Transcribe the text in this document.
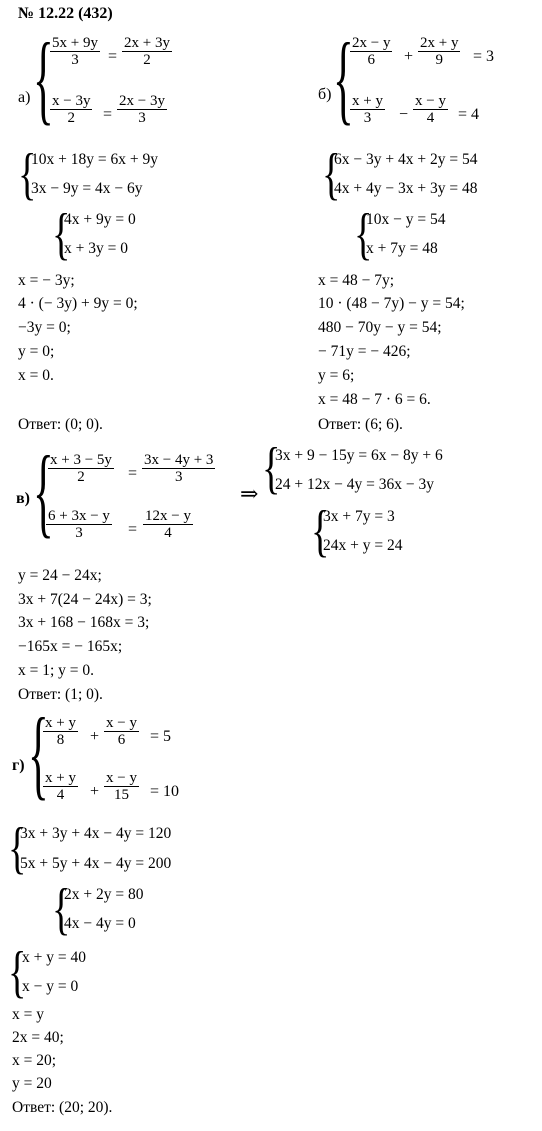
№ 12.22 (432)
а) {
$\frac{5x + 9y}{3} = \frac{2x + 3y}{2}$
$\frac{x - 3y}{2} = \frac{2x - 3y}{3}$
{
10x + 18y = 6x + 9y
3x − 9y = 4x − 6y
{
4x + 9y = 0
x + 3y = 0
x = − 3y;
4 · (− 3y) + 9y = 0;
−3y = 0;
y = 0;
x = 0.
Ответ: (0; 0).
б) {
$\frac{2x - y}{6} + \frac{2x + y}{9} = 3$
$\frac{x + y}{3} - \frac{x - y}{4} = 4$
{
6x − 3y + 4x + 2y = 54
4x + 4y − 3x + 3y = 48
{
10x − y = 54
x + 7y = 48
x = 48 − 7y;
10 · (48 − 7y) − y = 54;
480 − 70y − y = 54;
− 71y = − 426;
y = 6;
x = 48 − 7 · 6 = 6.
Ответ: (6; 6).
в) {
$\frac{x + 3 - 5y}{2} = \frac{3x - 4y + 3}{3}$
$\frac{6 + 3x - y}{3} = \frac{12x - y}{4}$
⇒ {
3x + 9 − 15y = 6x − 8y + 6
24 + 12x − 4y = 36x − 3y
{
3x + 7y = 3
24x + y = 24
y = 24 − 24x;
3x + 7(24 − 24x) = 3;
3x + 168 − 168x = 3;
−165x = − 165x;
x = 1; y = 0.
Ответ: (1; 0).
г) {
$\frac{x + y}{8} + \frac{x - y}{6} = 5$
$\frac{x + y}{4} + \frac{x - y}{15} = 10$
{
3x + 3y + 4x − 4y = 120
5x + 5y + 4x − 4y = 200
{
2x + 2y = 80
4x − 4y = 0
{
x + y = 40
x − y = 0
x = y
2x = 40;
x = 20;
y = 20
Ответ: (20; 20).
